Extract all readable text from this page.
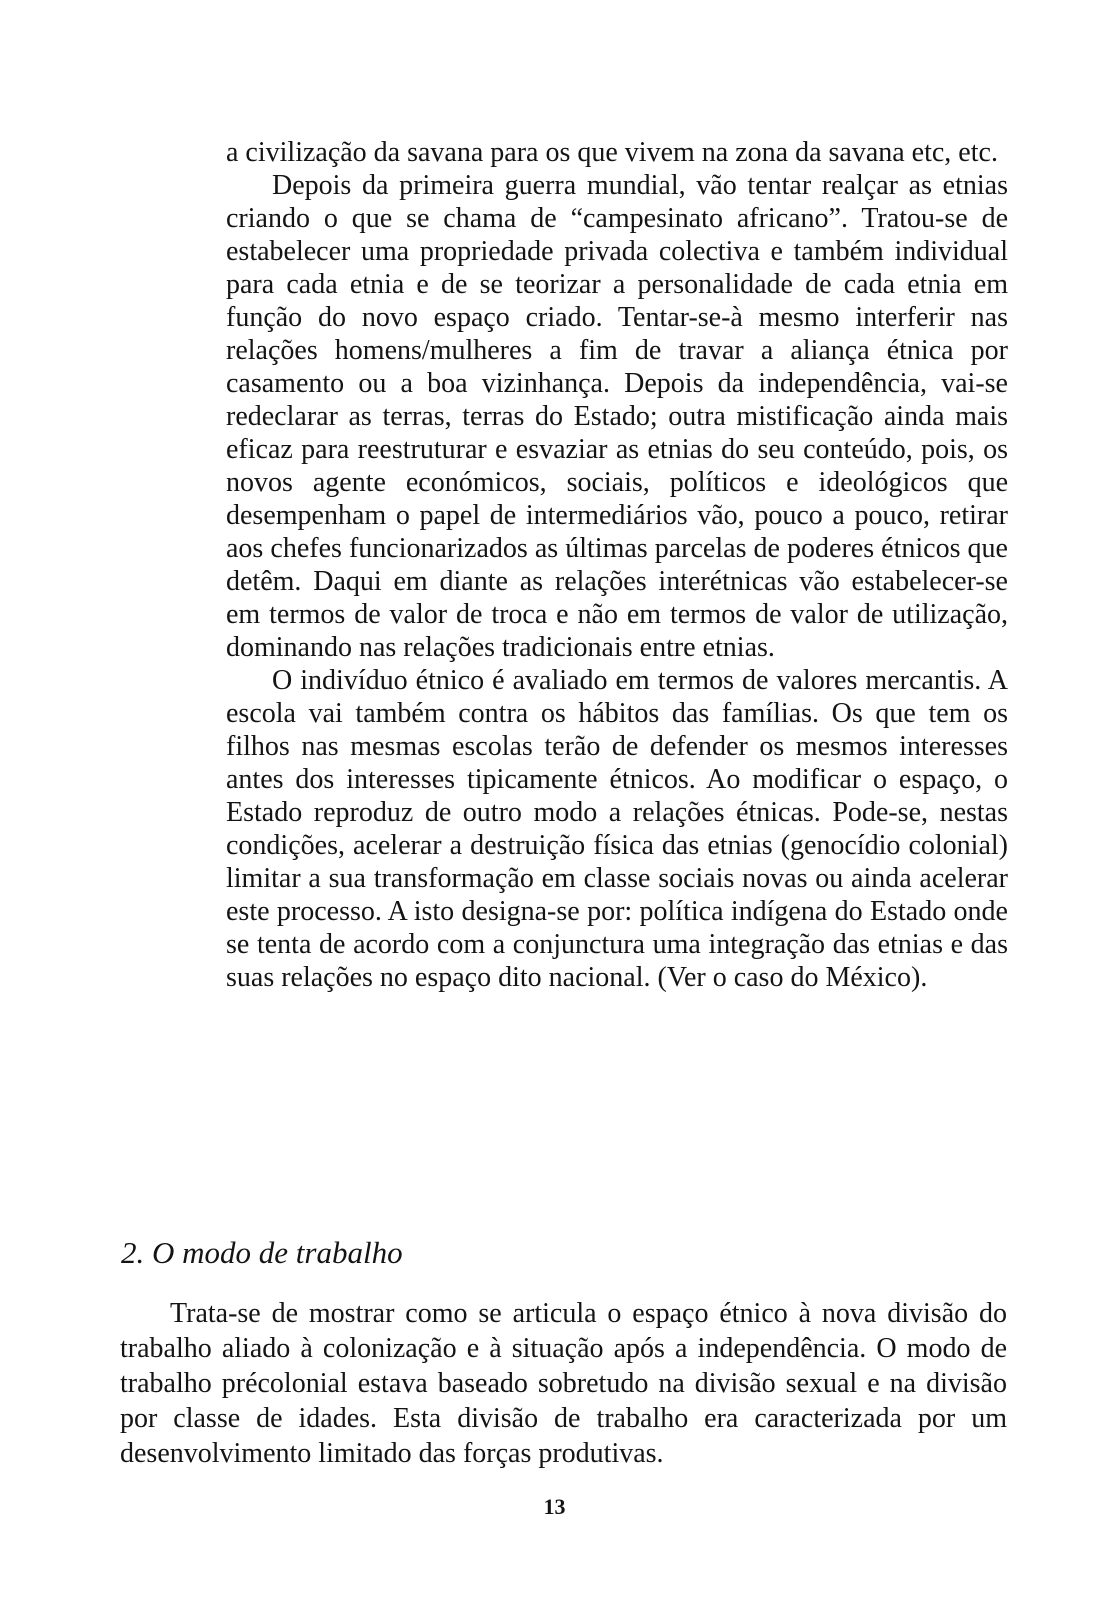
a civilização da savana para os que vivem na zona da savana etc, etc.

Depois da primeira guerra mundial, vão tentar realçar as etnias criando o que se chama de “campesinato africano”. Tratou-se de estabelecer uma propriedade privada colectiva e também individual para cada etnia e de se teorizar a personalidade de cada etnia em função do novo espaço criado. Tentar-se-à mesmo interferir nas relações homens/mulheres a fim de travar a aliança étnica por casamento ou a boa vizinhança. Depois da independência, vai-se redeclarar as terras, terras do Estado; outra mistificação ainda mais eficaz para reestruturar e esvaziar as etnias do seu conteúdo, pois, os novos agente económicos, sociais, políticos e ideológicos que desempenham o papel de intermediários vão, pouco a pouco, retirar aos chefes funcionarizados as últimas parcelas de poderes étnicos que detêm. Daqui em diante as relações interétnicas vão estabelecer-se em termos de valor de troca e não em termos de valor de utilização, dominando nas relações tradicionais entre etnias.

O indivíduo étnico é avaliado em termos de valores mercantis. A escola vai também contra os hábitos das famílias. Os que tem os filhos nas mesmas escolas terão de defender os mesmos interesses antes dos interesses tipicamente étnicos. Ao modificar o espaço, o Estado reproduz de outro modo a relações étnicas. Pode-se, nestas condições, acelerar a destruição física das etnias (genocídio colonial) limitar a sua transformação em classe sociais novas ou ainda acelerar este processo. A isto designa-se por: política indígena do Estado onde se tenta de acordo com a conjunctura uma integração das etnias e das suas relações no espaço dito nacional. (Ver o caso do México).

2. O modo de trabalho

Trata-se de mostrar como se articula o espaço étnico à nova divisão do trabalho aliado à colonização e à situação após a independência. O modo de trabalho précolonial estava baseado sobretudo na divisão sexual e na divisão por classe de idades. Esta divisão de trabalho era caracterizada por um desenvolvimento limitado das forças produtivas.

13
